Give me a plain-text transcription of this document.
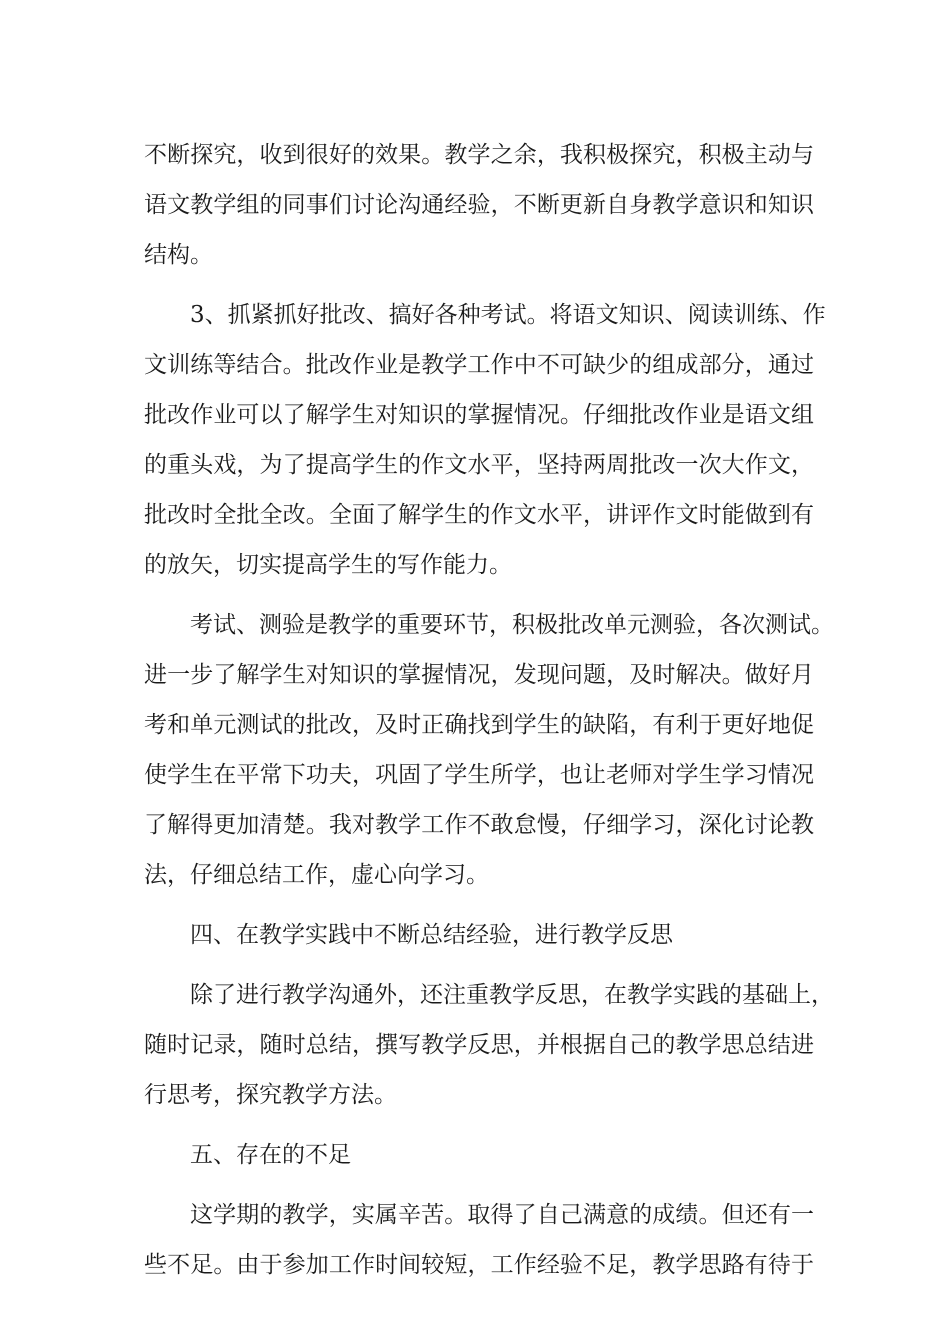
不断探究，收到很好的效果。教学之余，我积极探究，积极主动与
语文教学组的同事们讨论沟通经验，不断更新自身教学意识和知识
结构。
3、抓紧抓好批改、搞好各种考试。将语文知识、阅读训练、作
文训练等结合。批改作业是教学工作中不可缺少的组成部分，通过
批改作业可以了解学生对知识的掌握情况。仔细批改作业是语文组
的重头戏，为了提高学生的作文水平，坚持两周批改一次大作文，
批改时全批全改。全面了解学生的作文水平，讲评作文时能做到有
的放矢，切实提高学生的写作能力。
考试、测验是教学的重要环节，积极批改单元测验，各次测试。
进一步了解学生对知识的掌握情况，发现问题，及时解决。做好月
考和单元测试的批改，及时正确找到学生的缺陷，有利于更好地促
使学生在平常下功夫，巩固了学生所学，也让老师对学生学习情况
了解得更加清楚。我对教学工作不敢怠慢，仔细学习，深化讨论教
法，仔细总结工作，虚心向学习。
四、在教学实践中不断总结经验，进行教学反思
除了进行教学沟通外，还注重教学反思，在教学实践的基础上，
随时记录，随时总结，撰写教学反思，并根据自己的教学思总结进
行思考，探究教学方法。
五、存在的不足
这学期的教学，实属辛苦。取得了自己满意的成绩。但还有一
些不足。由于参加工作时间较短，工作经验不足，教学思路有待于
